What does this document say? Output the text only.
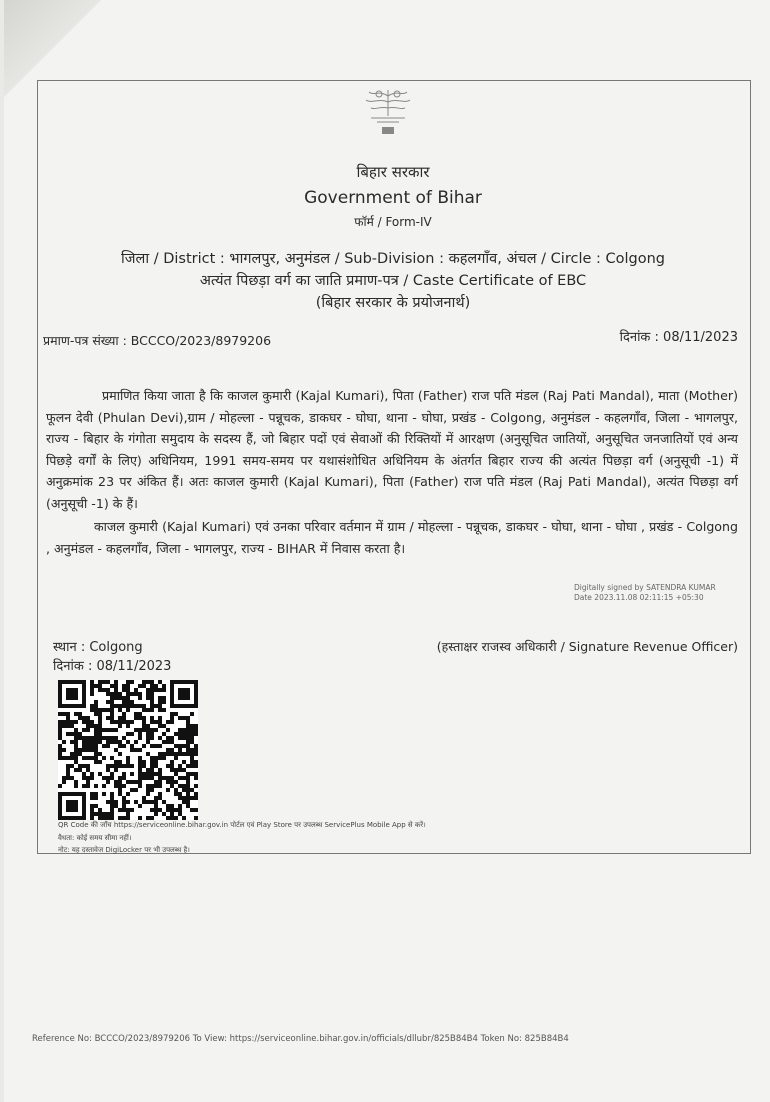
बिहार सरकार
Government of Bihar
फॉर्म / Form-IV
जिला / District : भागलपुर, अनुमंडल / Sub-Division : कहलगाँव, अंचल / Circle : Colgong
अत्यंत पिछड़ा वर्ग का जाति प्रमाण-पत्र / Caste Certificate of EBC
(बिहार सरकार के प्रयोजनार्थ)
प्रमाण-पत्र संख्या : BCCCO/2023/8979206	दिनांक : 08/11/2023
प्रमाणित किया जाता है कि काजल कुमारी (Kajal Kumari), पिता (Father) राज पति मंडल (Raj Pati Mandal), माता (Mother) फूलन देवी (Phulan Devi),ग्राम / मोहल्ला - पन्नूचक, डाकघर - घोघा, थाना - घोघा, प्रखंड - Colgong, अनुमंडल - कहलगाँव, जिला - भागलपुर, राज्य - बिहार के गंगोता समुदाय के सदस्य हैं, जो बिहार पदों एवं सेवाओं की रिक्तियों में आरक्षण (अनुसूचित जातियों, अनुसूचित जनजातियों एवं अन्य पिछड़े वर्गों के लिए) अधिनियम, 1991 समय-समय पर यथासंशोधित अधिनियम के अंतर्गत बिहार राज्य की अत्यंत पिछड़ा वर्ग (अनुसूची -1) में अनुक्रमांक 23 पर अंकित हैं। अतः काजल कुमारी (Kajal Kumari), पिता (Father) राज पति मंडल (Raj Pati Mandal), अत्यंत पिछड़ा वर्ग (अनुसूची -1) के हैं।
काजल कुमारी (Kajal Kumari) एवं उनका परिवार वर्तमान में ग्राम / मोहल्ला - पन्नूचक, डाकघर - घोघा, थाना - घोघा , प्रखंड - Colgong , अनुमंडल - कहलगाँव, जिला - भागलपुर, राज्य - BIHAR में निवास करता है।
Digitally signed by SATENDRA KUMAR
Date 2023.11.08 02:11:15 +05:30
स्थान : Colgong
दिनांक : 08/11/2023
(हस्ताक्षर राजस्व अधिकारी / Signature Revenue Officer)
QR Code की जाँच https://serviceonline.bihar.gov.in पोर्टल एवं Play Store पर उपलब्ध ServicePlus Mobile App से करें।
वैधता: कोई समय सीमा नहीं।
नोट: यह दस्तावेज DigiLocker पर भी उपलब्ध है।
Reference No: BCCCO/2023/8979206 To View: https://serviceonline.bihar.gov.in/officials/dllubr/825B84B4 Token No: 825B84B4
